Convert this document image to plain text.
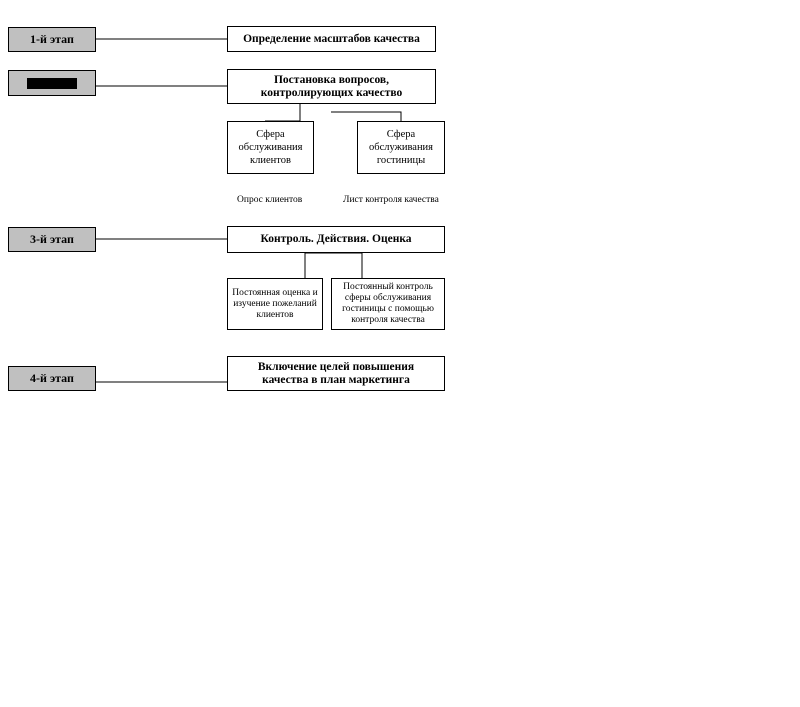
1-й этап
3-й этап
4-й этап
Определение масштабов качества
Постановка вопросов, контролирующих качество
Сфера обслуживания клиентов
Сфера обслуживания гостиницы
Опрос клиентов	Лист контроля качества
Контроль. Действия. Оценка
Постоянная оценка и изучение пожеланий клиентов
Постоянный контроль сферы обслуживания гостиницы с помощью контроля качества
Включение целей повышения качества в план маркетинга
